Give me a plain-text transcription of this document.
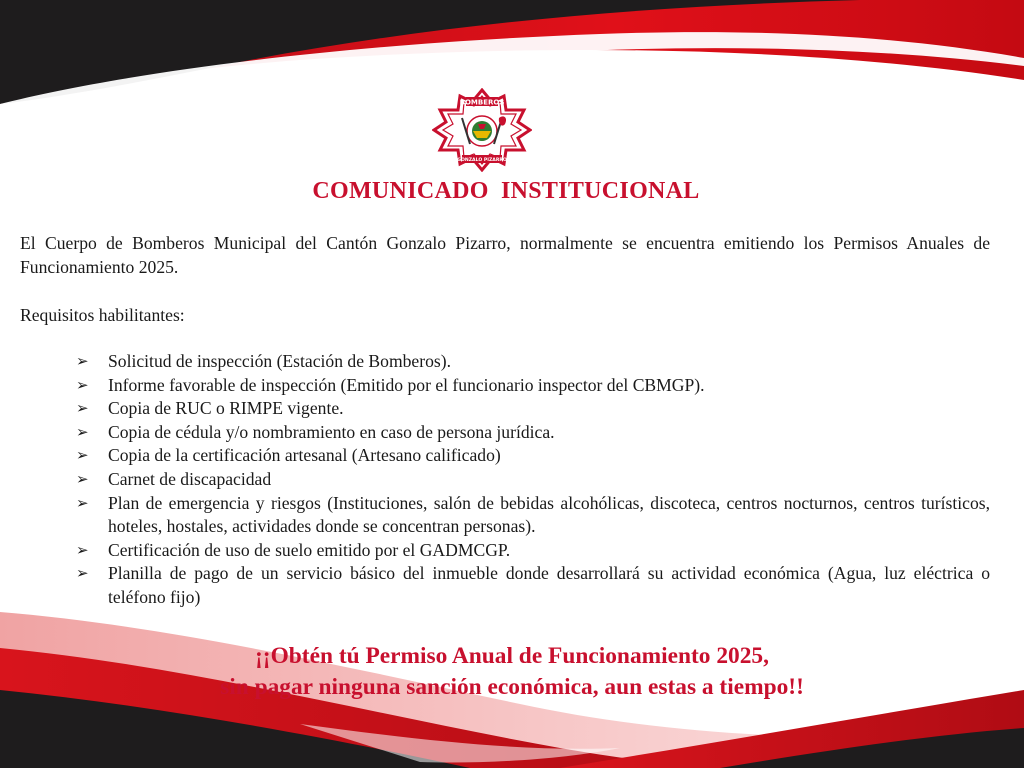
BOMBEROS
GONZALO PIZARRO
COMUNICADO INSTITUCIONAL
El Cuerpo de Bomberos Municipal del Cantón Gonzalo Pizarro, normalmente se encuentra emitiendo los Permisos Anuales de Funcionamiento 2025.
Requisitos habilitantes:
➢	Solicitud de inspección (Estación de Bomberos).
➢	Informe favorable de inspección (Emitido por el funcionario inspector del CBMGP).
➢	Copia de RUC o RIMPE vigente.
➢	Copia de cédula y/o nombramiento en caso de persona jurídica.
➢	Copia de la certificación artesanal (Artesano calificado)
➢	Carnet de discapacidad
➢	Plan de emergencia y riesgos (Instituciones, salón de bebidas alcohólicas, discoteca, centros nocturnos, centros turísticos, hoteles, hostales, actividades donde se concentran personas).
➢	Certificación de uso de suelo emitido por el GADMCGP.
➢	Planilla de pago de un servicio básico del inmueble donde desarrollará su actividad económica (Agua, luz eléctrica o teléfono fijo)
¡¡Obtén tú Permiso Anual de Funcionamiento 2025,
sin pagar ninguna sanción económica, aun estas a tiempo!!
